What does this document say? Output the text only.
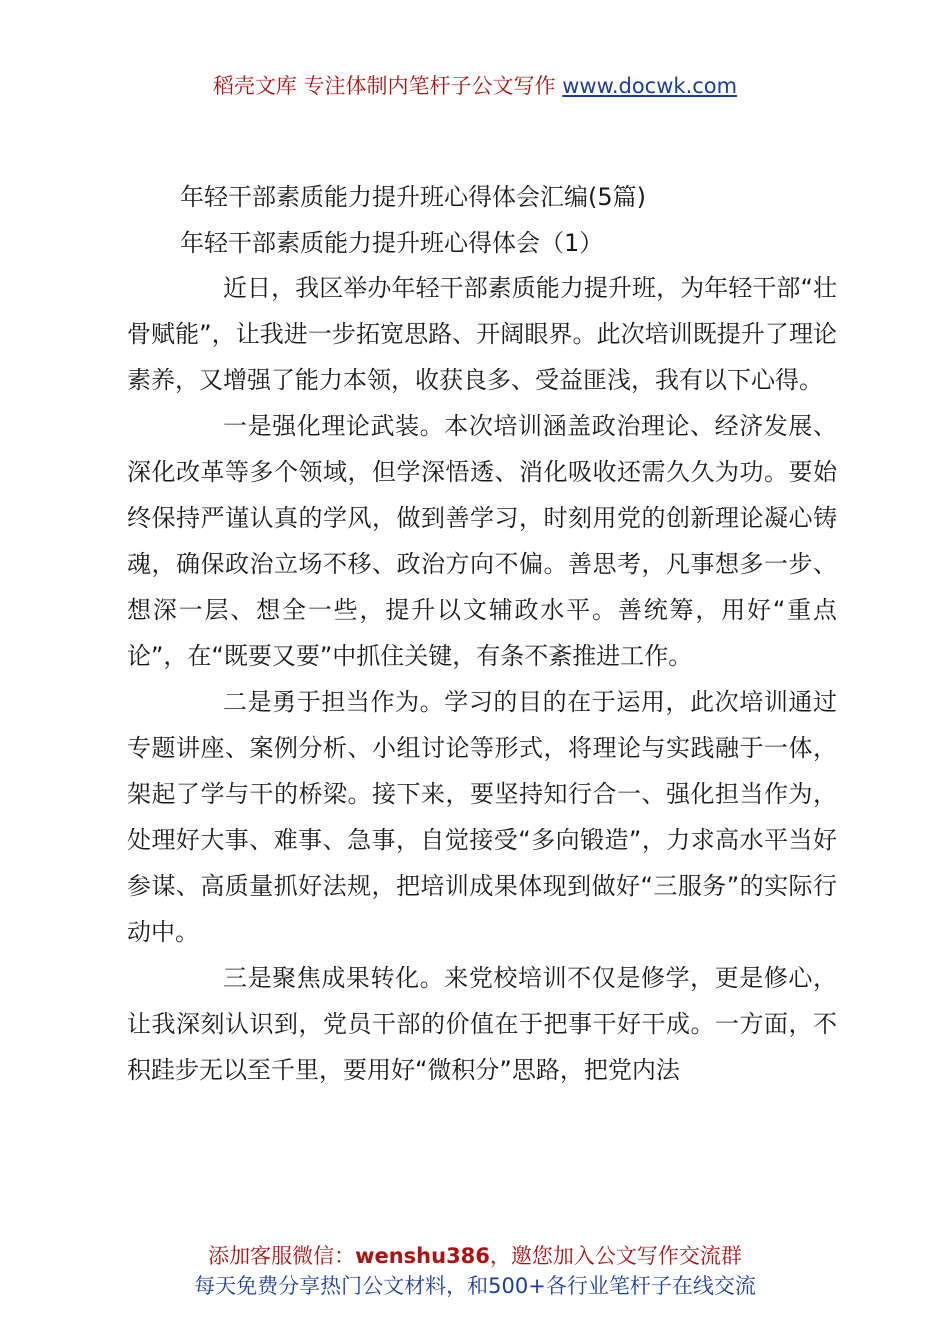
稻壳文库 专注体制内笔杆子公文写作 www.docwk.com
年轻干部素质能力提升班心得体会汇编(5篇)
年轻干部素质能力提升班心得体会（1）

近日，我区举办年轻干部素质能力提升班，为年轻干部“壮骨赋能”，让我进一步拓宽思路、开阔眼界。此次培训既提升了理论素养，又增强了能力本领，收获良多、受益匪浅，我有以下心得。

一是强化理论武装。本次培训涵盖政治理论、经济发展、深化改革等多个领域，但学深悟透、消化吸收还需久久为功。要始终保持严谨认真的学风，做到善学习，时刻用党的创新理论凝心铸魂，确保政治立场不移、政治方向不偏。善思考，凡事想多一步、想深一层、想全一些，提升以文辅政水平。善统筹，用好“重点论”，在“既要又要”中抓住关键，有条不紊推进工作。

二是勇于担当作为。学习的目的在于运用，此次培训通过专题讲座、案例分析、小组讨论等形式，将理论与实践融于一体，架起了学与干的桥梁。接下来，要坚持知行合一、强化担当作为，处理好大事、难事、急事，自觉接受“多向锻造”，力求高水平当好参谋、高质量抓好法规，把培训成果体现到做好“三服务”的实际行动中。

三是聚焦成果转化。来党校培训不仅是修学，更是修心，让我深刻认识到，党员干部的价值在于把事干好干成。一方面，不积跬步无以至千里，要用好“微积分”思路，把党内法

添加客服微信：wenshu386，邀您加入公文写作交流群
每天免费分享热门公文材料，和500+各行业笔杆子在线交流
